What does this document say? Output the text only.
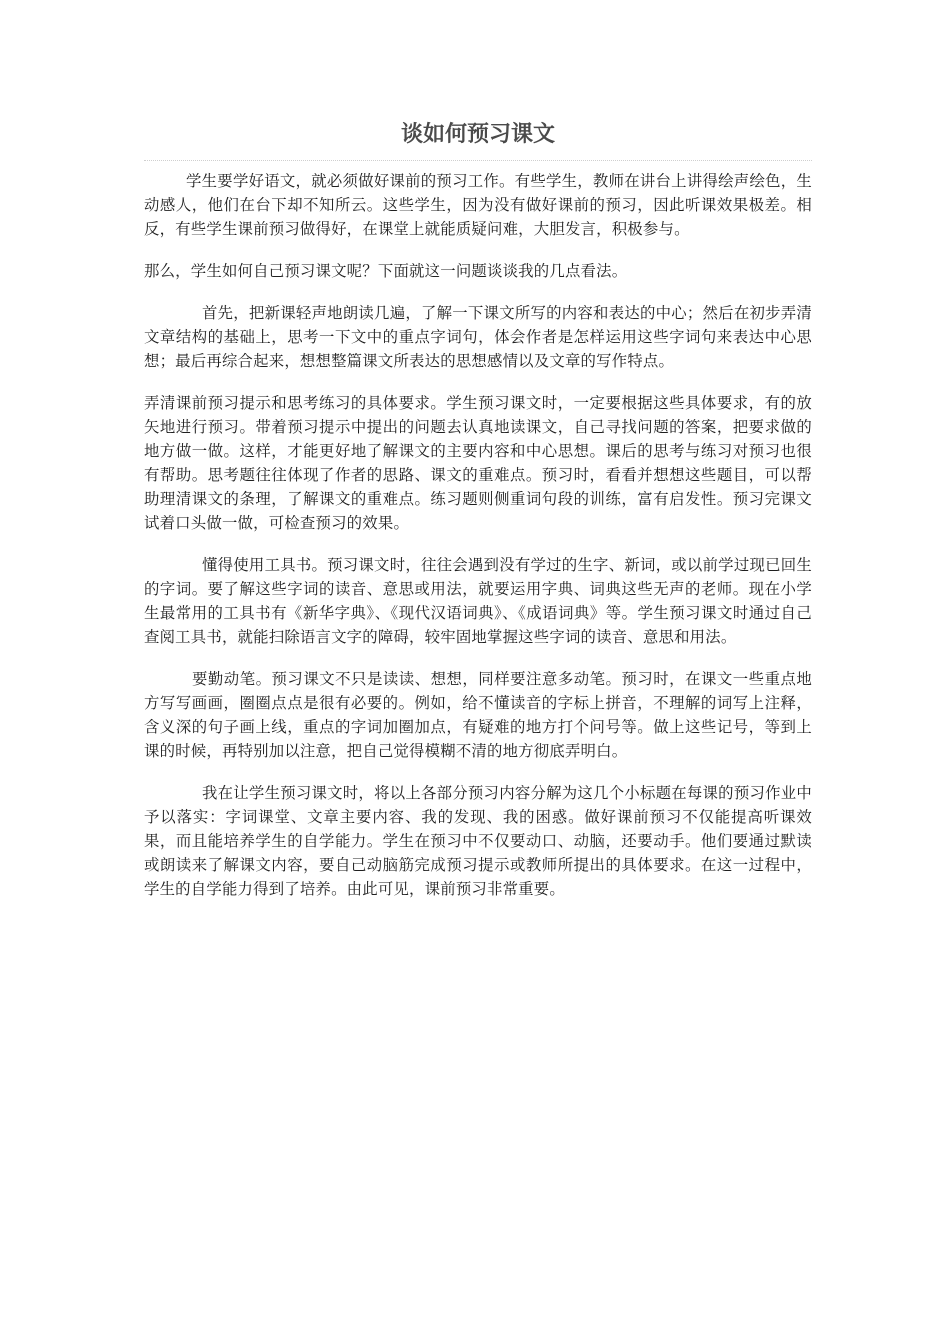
谈如何预习课文

学生要学好语文，就必须做好课前的预习工作。有些学生，教师在讲台上讲得绘声绘色，生动感人，他们在台下却不知所云。这些学生，因为没有做好课前的预习，因此听课效果极差。相反，有些学生课前预习做得好，在课堂上就能质疑问难，大胆发言，积极参与。

那么，学生如何自己预习课文呢？下面就这一问题谈谈我的几点看法。

首先，把新课轻声地朗读几遍，了解一下课文所写的内容和表达的中心；然后在初步弄清文章结构的基础上，思考一下文中的重点字词句，体会作者是怎样运用这些字词句来表达中心思想；最后再综合起来，想想整篇课文所表达的思想感情以及文章的写作特点。

弄清课前预习提示和思考练习的具体要求。学生预习课文时，一定要根据这些具体要求，有的放矢地进行预习。带着预习提示中提出的问题去认真地读课文，自己寻找问题的答案，把要求做的地方做一做。这样，才能更好地了解课文的主要内容和中心思想。课后的思考与练习对预习也很有帮助。思考题往往体现了作者的思路、课文的重难点。预习时，看看并想想这些题目，可以帮助理清课文的条理，了解课文的重难点。练习题则侧重词句段的训练，富有启发性。预习完课文试着口头做一做，可检查预习的效果。

懂得使用工具书。预习课文时，往往会遇到没有学过的生字、新词，或以前学过现已回生的字词。要了解这些字词的读音、意思或用法，就要运用字典、词典这些无声的老师。现在小学生最常用的工具书有《新华字典》、《现代汉语词典》、《成语词典》等。学生预习课文时通过自己查阅工具书，就能扫除语言文字的障碍，较牢固地掌握这些字词的读音、意思和用法。

要勤动笔。预习课文不只是读读、想想，同样要注意多动笔。预习时，在课文一些重点地方写写画画，圈圈点点是很有必要的。例如，给不懂读音的字标上拼音，不理解的词写上注释，含义深的句子画上线，重点的字词加圈加点，有疑难的地方打个问号等。做上这些记号，等到上课的时候，再特别加以注意，把自己觉得模糊不清的地方彻底弄明白。

我在让学生预习课文时，将以上各部分预习内容分解为这几个小标题在每课的预习作业中予以落实：字词课堂、文章主要内容、我的发现、我的困惑。做好课前预习不仅能提高听课效果，而且能培养学生的自学能力。学生在预习中不仅要动口、动脑，还要动手。他们要通过默读或朗读来了解课文内容，要自己动脑筋完成预习提示或教师所提出的具体要求。在这一过程中，学生的自学能力得到了培养。由此可见，课前预习非常重要。
